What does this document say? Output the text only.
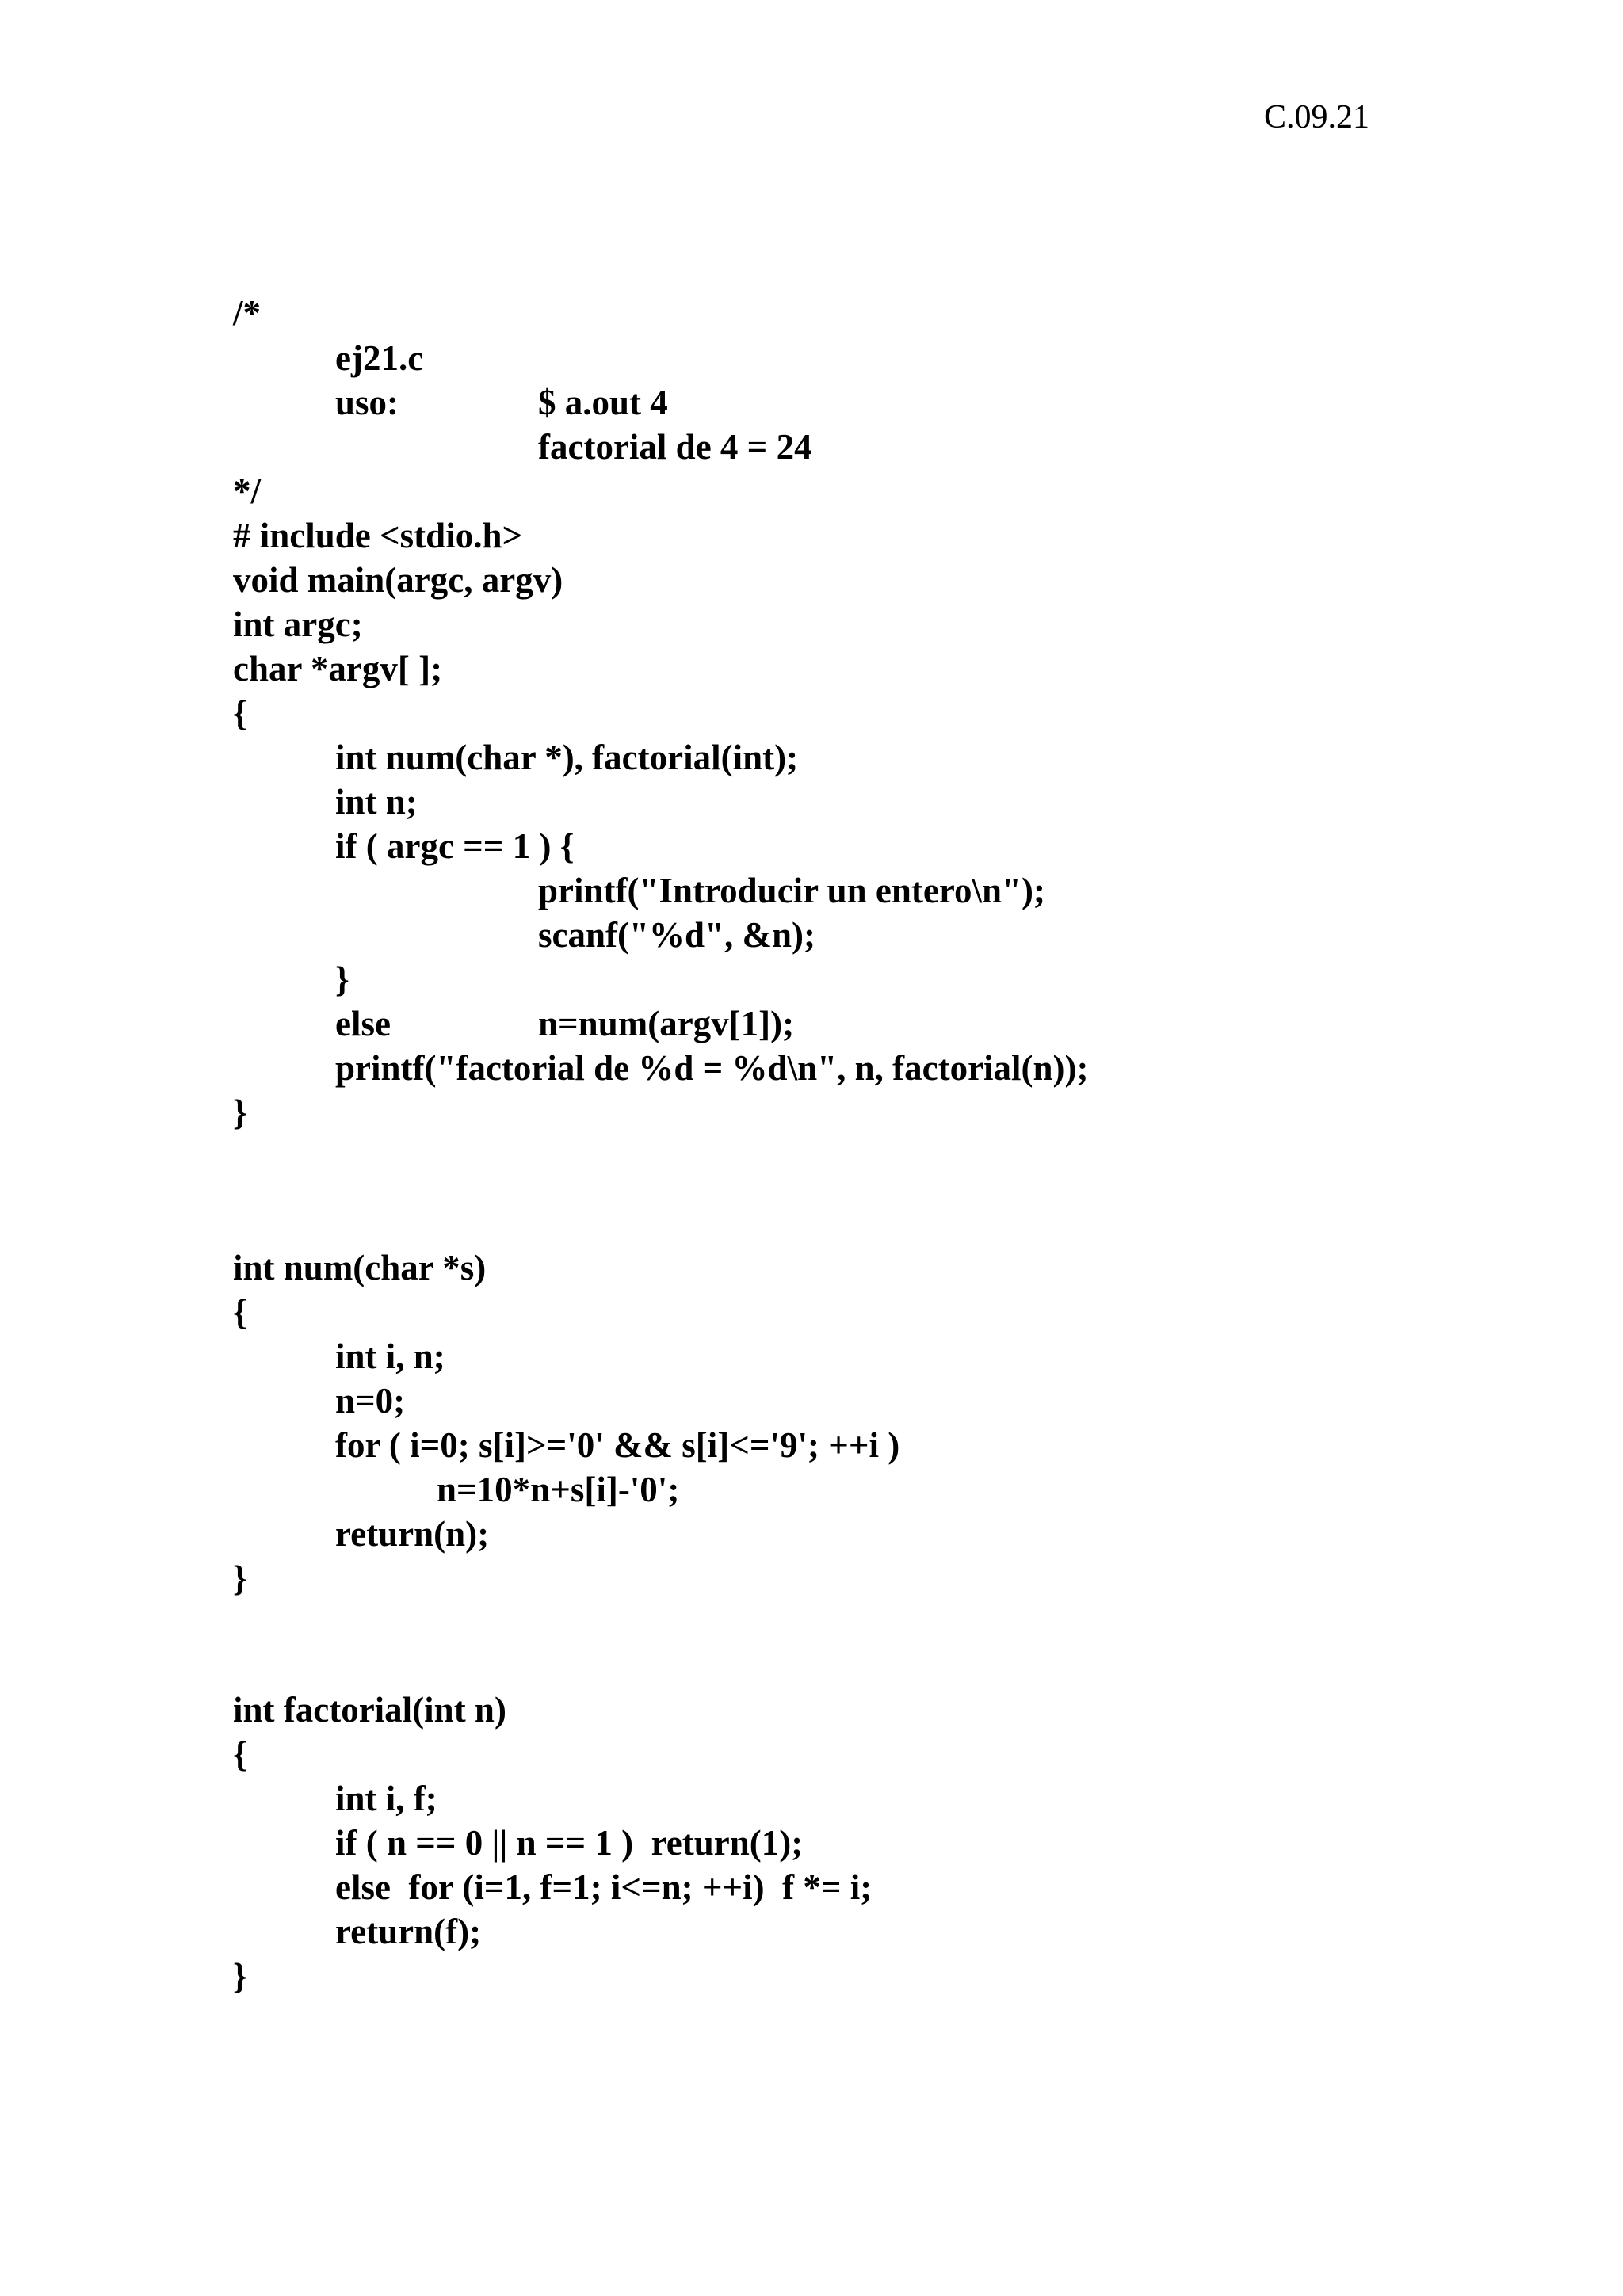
C.09.21
/*
ej21.c
uso:	$ a.out 4
factorial de 4 = 24
*/
# include <stdio.h>
void main(argc, argv)
int argc;
char *argv[ ];
{
int num(char *), factorial(int);
int n;
if ( argc == 1 ) {
printf("Introducir un entero\n");
scanf("%d", &n);
}
else	n=num(argv[1]);
printf("factorial de %d = %d\n", n, factorial(n));
}
int num(char *s)
{
int i, n;
n=0;
for ( i=0; s[i]>='0' && s[i]<='9'; ++i )
n=10*n+s[i]-'0';
return(n);
}
int factorial(int n)
{
int i, f;
if ( n == 0 || n == 1 )  return(1);
else  for (i=1, f=1; i<=n; ++i)  f *= i;
return(f);
}
